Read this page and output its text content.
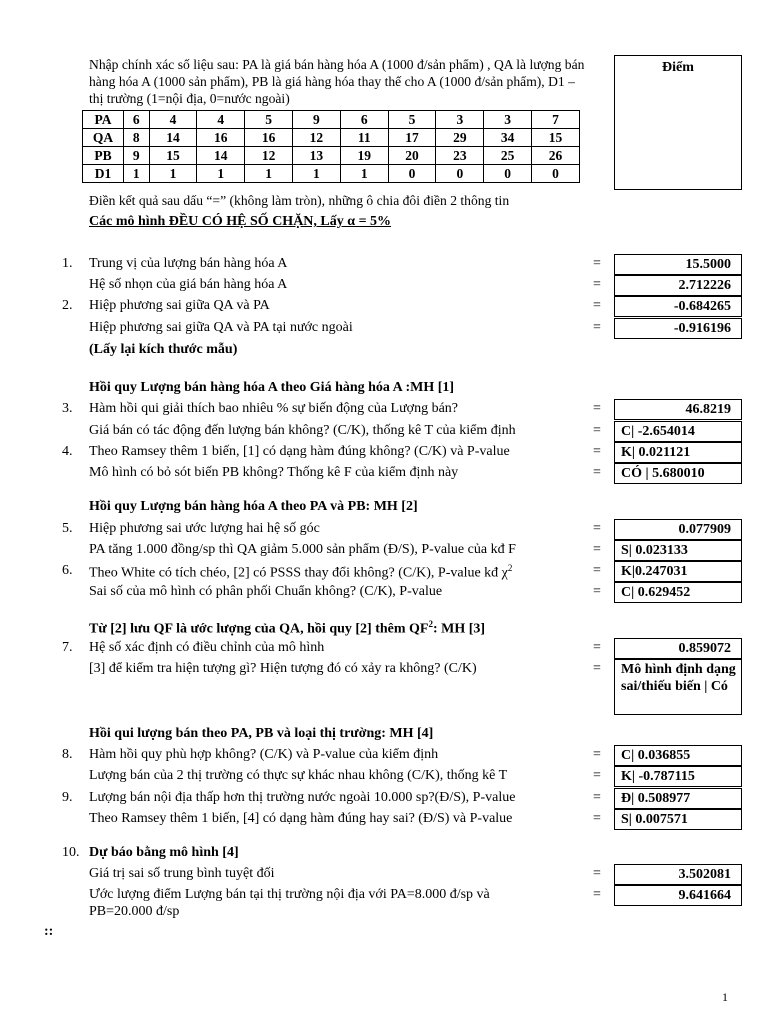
Nhập chính xác số liệu sau: PA là giá bán hàng hóa A (1000 đ/sản phẩm) , QA là lượng bán hàng hóa A (1000 sản phẩm), PB là giá hàng hóa thay thế cho A (1000 đ/sản phẩm), D1 – thị trường (1=nội địa, 0=nước ngoài)
Điểm
PA	6	4	4	5	9	6	5	3	3	7
QA	8	14	16	16	12	11	17	29	34	15
PB	9	15	14	12	13	19	20	23	25	26
D1	1	1	1	1	1	1	0	0	0	0
Điền kết quả sau dấu “=” (không làm tròn), những ô chia đôi điền 2 thông tin
Các mô hình ĐỀU CÓ HỆ SỐ CHẶN, Lấy α = 5%
1.	Trung vị của lượng bán hàng hóa A	=	15.5000
Hệ số nhọn của giá bán hàng hóa A	=	2.712226
2.	Hiệp phương sai giữa QA và PA	=	-0.684265
Hiệp phương sai giữa QA và PA tại nước ngoài	=	-0.916196
(Lấy lại kích thước mẫu)
Hồi quy Lượng bán hàng hóa A theo Giá hàng hóa A :MH [1]
3.	Hàm hồi qui giải thích bao nhiêu % sự biến động của Lượng bán?	=	46.8219
Giá bán có tác động đến lượng bán không? (C/K), thống kê T của kiểm định	=	C| -2.654014
4.	Theo Ramsey thêm 1 biến, [1] có dạng hàm đúng không? (C/K) và P-value	=	K| 0.021121
Mô hình có bỏ sót biến PB không? Thống kê F của kiểm định này	=	CÓ | 5.680010
Hồi quy Lượng bán hàng hóa A theo PA và PB: MH [2]
5.	Hiệp phương sai ước lượng hai hệ số góc	=	0.077909
PA tăng 1.000 đồng/sp thì QA giảm 5.000 sản phẩm (Đ/S), P-value của kđ F	=	S| 0.023133
6.	Theo White có tích chéo, [2] có PSSS thay đổi không? (C/K), P-value kđ $\chi^2$	=	K|0.247031
Sai số của mô hình có phân phối Chuẩn không? (C/K), P-value	=	C| 0.629452
Từ [2] lưu QF là ước lượng của QA, hồi quy [2] thêm $QF^2$: MH [3]
7.	Hệ số xác định có điều chỉnh của mô hình	=	0.859072
[3] để kiểm tra hiện tượng gì? Hiện tượng đó có xảy ra không? (C/K)	=	Mô hình định dạng sai/thiếu biến | Có
Hồi qui lượng bán theo PA, PB và loại thị trường: MH [4]
8.	Hàm hồi quy phù hợp không? (C/K) và P-value của kiểm định	=	C| 0.036855
Lượng bán của 2 thị trường có thực sự khác nhau không (C/K), thống kê T	=	K| -0.787115
9.	Lượng bán nội địa thấp hơn thị trường nước ngoài 10.000 sp?(Đ/S), P-value	=	Đ| 0.508977
Theo Ramsey thêm 1 biến, [4] có dạng hàm đúng hay sai? (Đ/S) và P-value	=	S| 0.007571
10. Dự báo bằng mô hình [4]
Giá trị sai số trung bình tuyệt đối	=	3.502081
Ước lượng điểm Lượng bán tại thị trường nội địa với PA=8.000 đ/sp và
PB=20.000 đ/sp
=	9.641664
::
1
